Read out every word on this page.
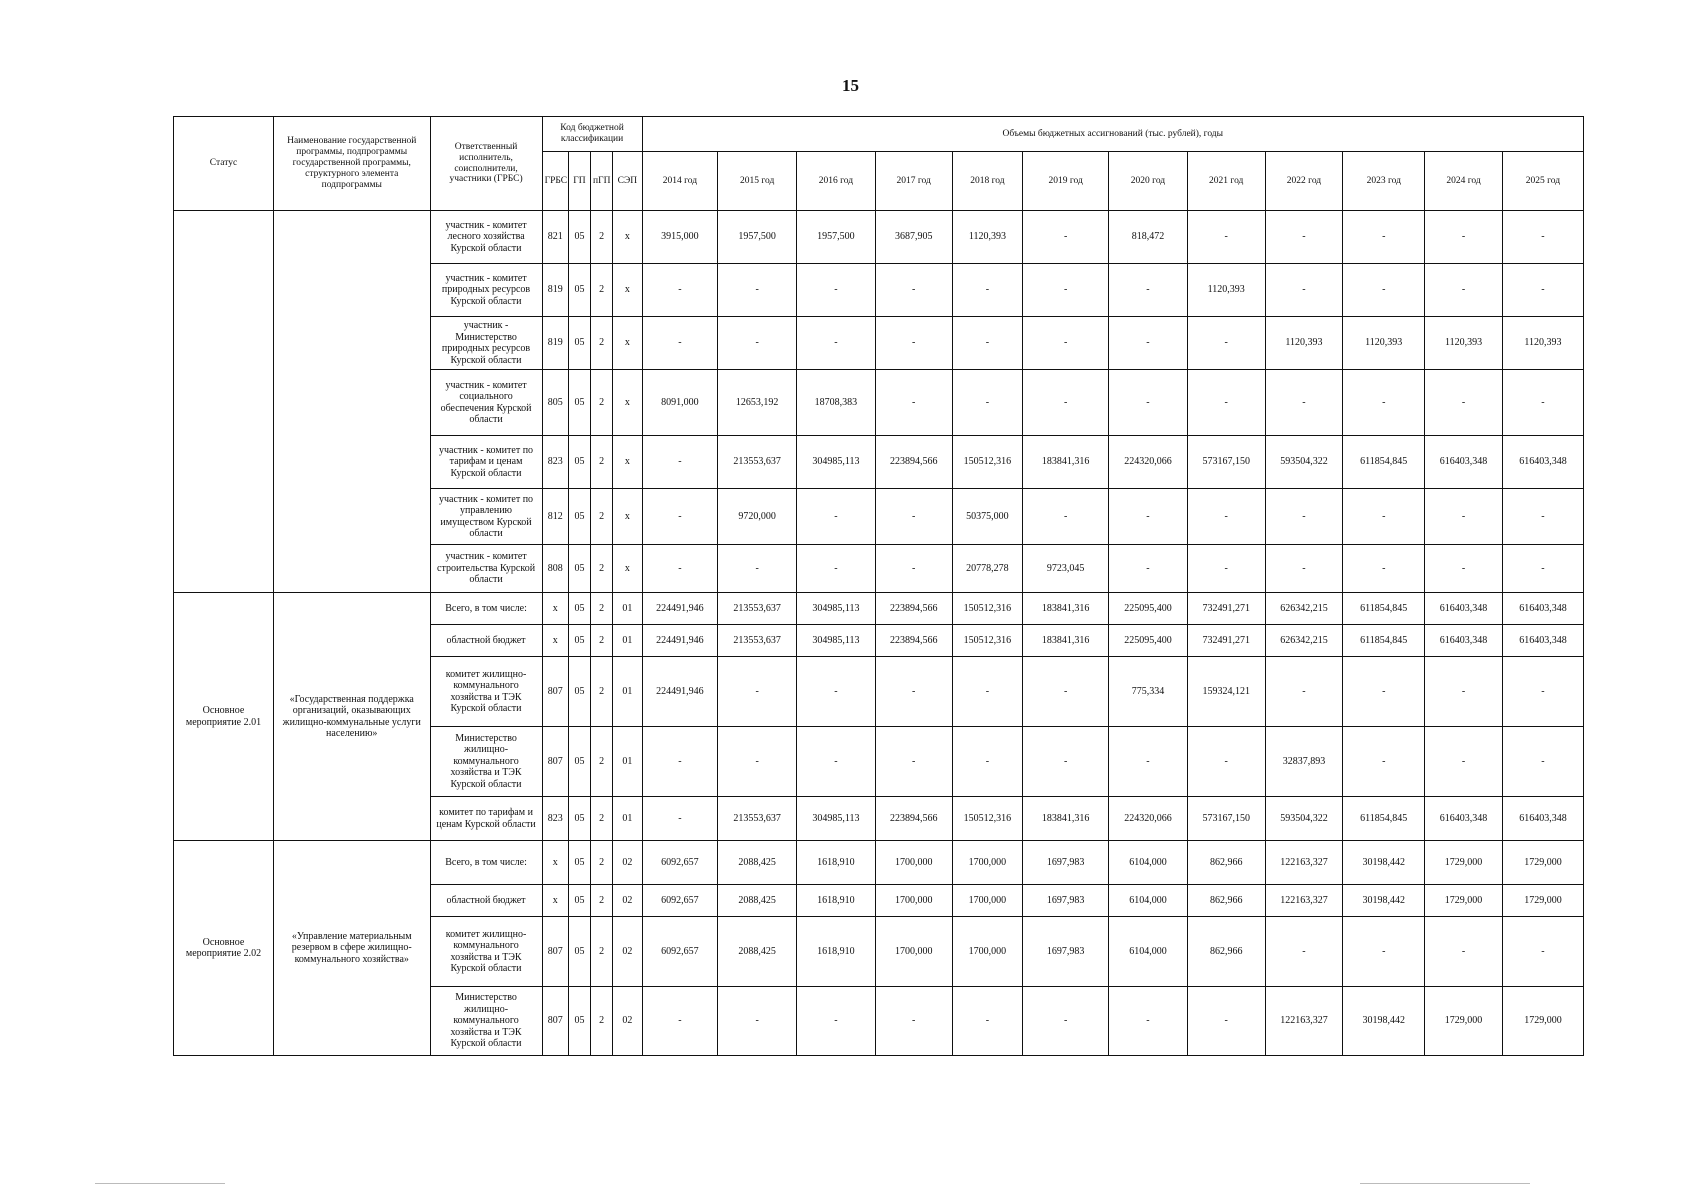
15
Статус	Наименование государственной программы, подпрограммы государственной программы, структурного элемента подпрограммы	Ответственный исполнитель, соисполнители, участники (ГРБС)	Код бюджетной классификации				Объемы бюджетных ассигнований (тыс. рублей), годы											
			ГРБС	ГП	пГП	СЭП	2014 год	2015 год	2016 год	2017 год	2018 год	2019 год	2020 год	2021 год	2022 год	2023 год	2024 год	2025 год
		участник - комитет лесного хозяйства Курской области	821	05	2	x	3915,000	1957,500	1957,500	3687,905	1120,393	-	818,472	-	-	-	-	-
		участник - комитет природных ресурсов Курской области	819	05	2	x	-	-	-	-	-	-	-	1120,393	-	-	-	-
		участник - Министерство природных ресурсов Курской области	819	05	2	x	-	-	-	-	-	-	-	-	1120,393	1120,393	1120,393	1120,393
		участник - комитет социального обеспечения Курской области	805	05	2	x	8091,000	12653,192	18708,383	-	-	-	-	-	-	-	-	-
		участник - комитет по тарифам и ценам Курской области	823	05	2	x	-	213553,637	304985,113	223894,566	150512,316	183841,316	224320,066	573167,150	593504,322	611854,845	616403,348	616403,348
		участник - комитет по управлению имуществом Курской области	812	05	2	x	-	9720,000	-	-	50375,000	-	-	-	-	-	-	-
		участник - комитет строительства Курской области	808	05	2	x	-	-	-	-	20778,278	9723,045	-	-	-	-	-	-
Основное мероприятие 2.01	«Государственная поддержка организаций, оказывающих жилищно-коммунальные услуги населению»	Всего, в том числе:	x	05	2	01	224491,946	213553,637	304985,113	223894,566	150512,316	183841,316	225095,400	732491,271	626342,215	611854,845	616403,348	616403,348
		областной бюджет	x	05	2	01	224491,946	213553,637	304985,113	223894,566	150512,316	183841,316	225095,400	732491,271	626342,215	611854,845	616403,348	616403,348
		комитет жилищно-коммунального хозяйства и ТЭК Курской области	807	05	2	01	224491,946	-	-	-	-	-	775,334	159324,121	-	-	-	-
		Министерство жилищно-коммунального хозяйства и ТЭК Курской области	807	05	2	01	-	-	-	-	-	-	-	-	32837,893	-	-	-
		комитет по тарифам и ценам Курской области	823	05	2	01	-	213553,637	304985,113	223894,566	150512,316	183841,316	224320,066	573167,150	593504,322	611854,845	616403,348	616403,348
Основное мероприятие 2.02	«Управление материальным резервом в сфере жилищно-коммунального хозяйства»	Всего, в том числе:	x	05	2	02	6092,657	2088,425	1618,910	1700,000	1700,000	1697,983	6104,000	862,966	122163,327	30198,442	1729,000	1729,000
		областной бюджет	x	05	2	02	6092,657	2088,425	1618,910	1700,000	1700,000	1697,983	6104,000	862,966	122163,327	30198,442	1729,000	1729,000
		комитет жилищно-коммунального хозяйства и ТЭК Курской области	807	05	2	02	6092,657	2088,425	1618,910	1700,000	1700,000	1697,983	6104,000	862,966	-	-	-	-
		Министерство жилищно-коммунального хозяйства и ТЭК Курской области	807	05	2	02	-	-	-	-	-	-	-	-	122163,327	30198,442	1729,000	1729,000
